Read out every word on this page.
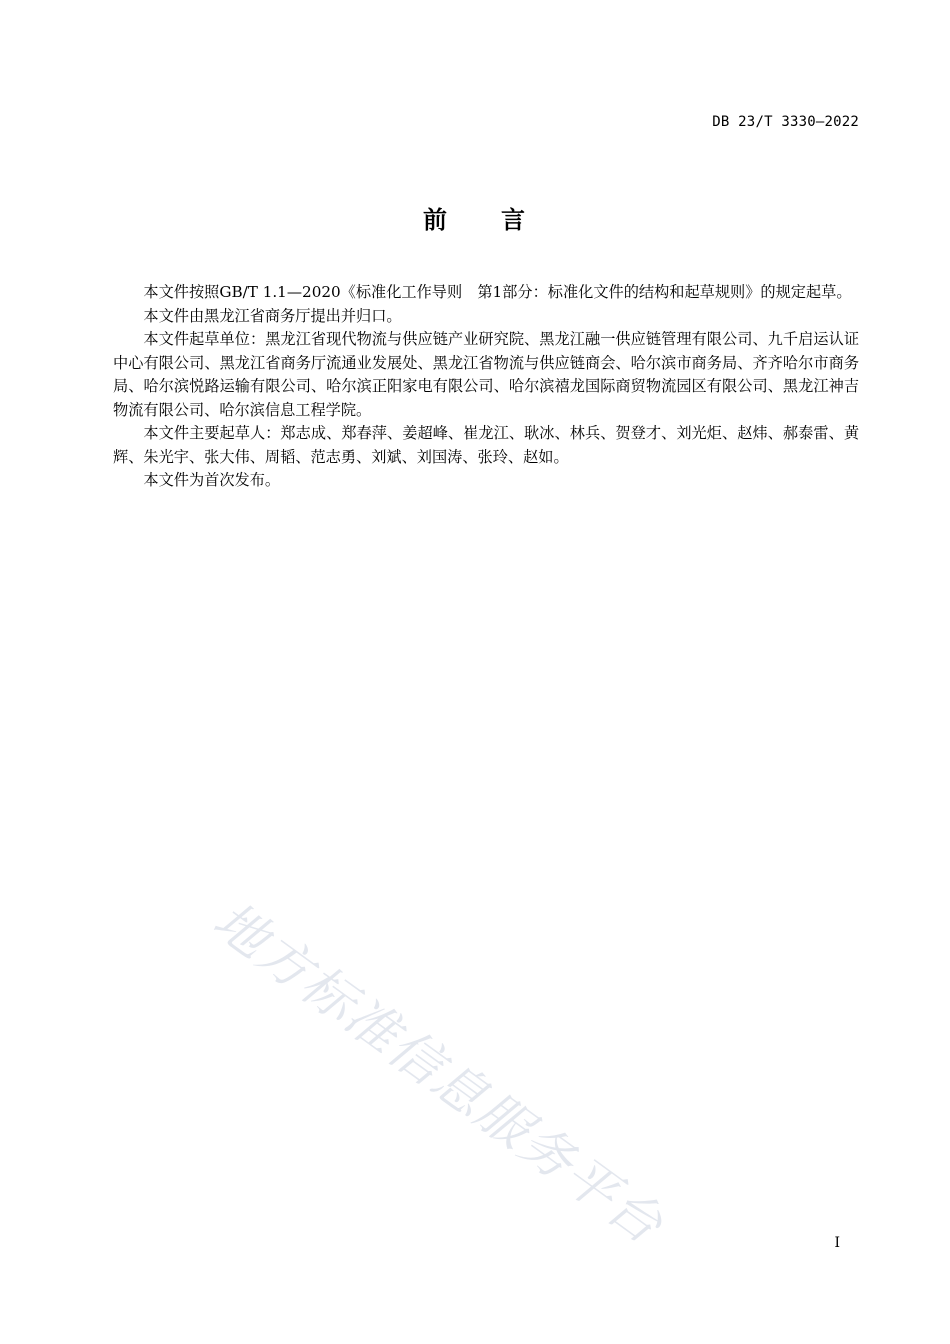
DB 23/T 3330—2022
前　　言

本文件按照GB/T 1.1—2020《标准化工作导则　第1部分：标准化文件的结构和起草规则》的规定起草。

本文件由黑龙江省商务厅提出并归口。

本文件起草单位：黑龙江省现代物流与供应链产业研究院、黑龙江融一供应链管理有限公司、九千启运认证中心有限公司、黑龙江省商务厅流通业发展处、黑龙江省物流与供应链商会、哈尔滨市商务局、齐齐哈尔市商务局、哈尔滨悦路运输有限公司、哈尔滨正阳家电有限公司、哈尔滨禧龙国际商贸物流园区有限公司、黑龙江神吉物流有限公司、哈尔滨信息工程学院。

本文件主要起草人：郑志成、郑春萍、姜超峰、崔龙江、耿冰、林兵、贺登才、刘光炬、赵炜、郝泰雷、黄辉、朱光宇、张大伟、周韬、范志勇、刘斌、刘国涛、张玲、赵如。

本文件为首次发布。

地方标准信息服务平台	I
